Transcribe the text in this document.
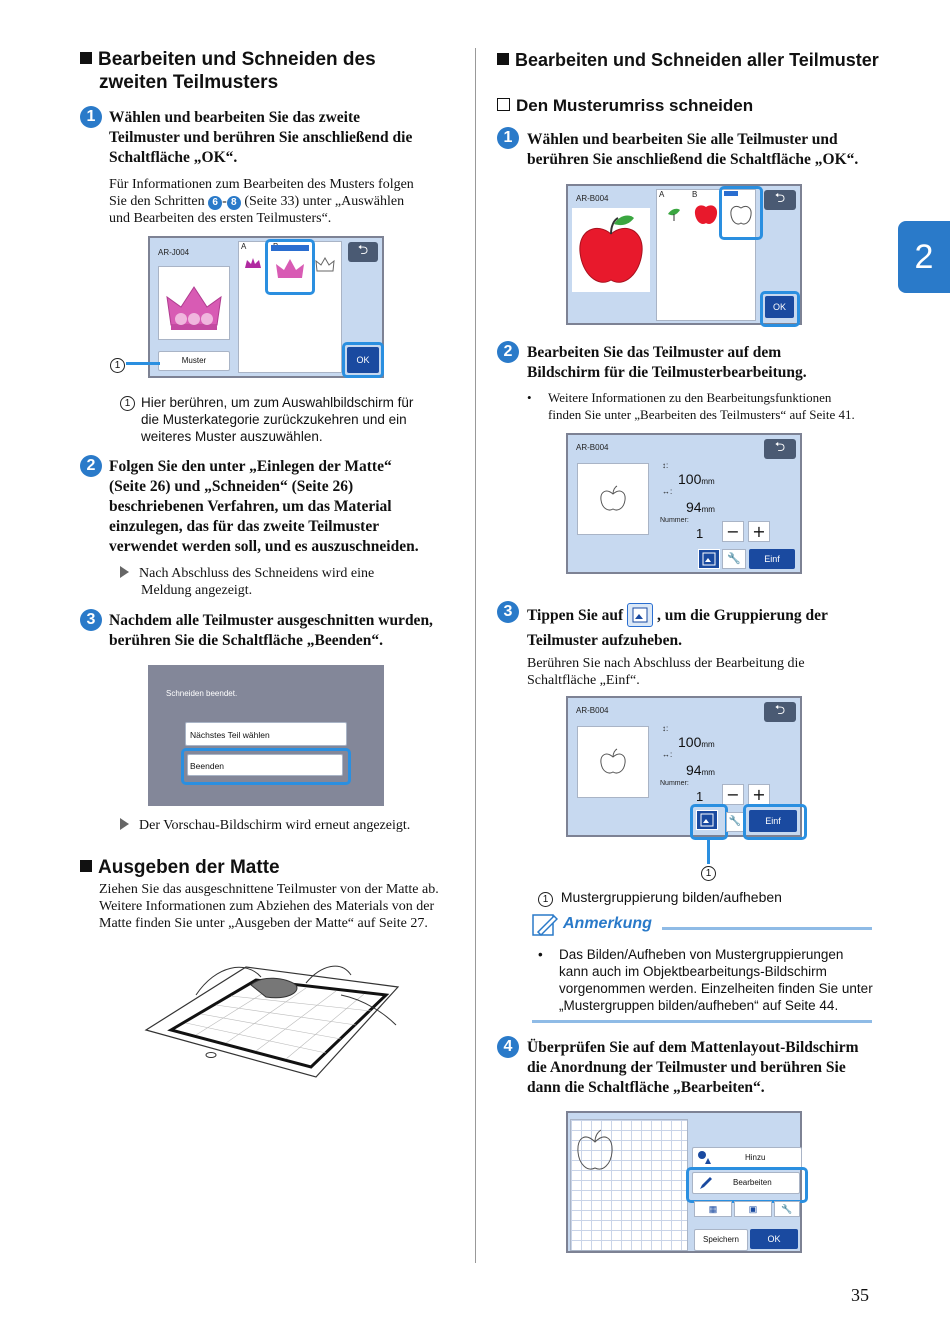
Bearbeiten und Schneiden des
zweiten Teilmusters
1 Wählen und bearbeiten Sie das zweite
Teilmuster und berühren Sie anschließend die
Schaltfläche „OK“.
Für Informationen zum Bearbeiten des Musters folgen
Sie den Schritten 6 - 8 (Seite 33) unter „Auswählen
und Bearbeiten des ersten Teilmusters“.
AR-J004
A	⮌
Muster	OK
1
1 Hier berühren, um zum Auswahlbildschirm für
die Musterkategorie zurückzukehren und ein
weiteres Muster auszuwählen.
2 Folgen Sie den unter „Einlegen der Matte“
(Seite 26) und „Schneiden“ (Seite 26)
beschriebenen Verfahren, um das Material
einzulegen, das für das zweite Teilmuster
verwendet werden soll, und es auszuschneiden.
Nach Abschluss des Schneidens wird eine
Meldung angezeigt.
3 Nachdem alle Teilmuster ausgeschnitten wurden,
berühren Sie die Schaltfläche „Beenden“.
Schneiden beendet.
Nächstes Teil wählen
Beenden
Der Vorschau-Bildschirm wird erneut angezeigt.
Ausgeben der Matte
Ziehen Sie das ausgeschnittene Teilmuster von der Matte ab.
Weitere Informationen zum Abziehen des Materials von der
Matte finden Sie unter „Ausgeben der Matte“ auf Seite 27.
Bearbeiten und Schneiden aller Teilmuster
Den Musterumriss schneiden
1 Wählen und bearbeiten Sie alle Teilmuster und
berühren Sie anschließend die Schaltfläche „OK“.
AR-B004	A	B	⮌
OK
2 Bearbeiten Sie das Teilmuster auf dem
Bildschirm für die Teilmusterbearbeitung.
• Weitere Informationen zu den Bearbeitungsfunktionen
finden Sie unter „Bearbeiten des Teilmusters“ auf Seite 41.
AR-B004	⮌
↕:
100mm
↔:
94mm
Nummer:
1 − +
🔧	Einf
3 Tippen Sie auf , um die Gruppierung der
Teilmuster aufzuheben.
Berühren Sie nach Abschluss der Bearbeitung die
Schaltfläche „Einf“.
AR-B004	⮌
↕:
100mm
↔:
94mm
Nummer:
1 − +
🔧	Einf
1
1 Mustergruppierung bilden/aufheben
Anmerkung
• Das Bilden/Aufheben von Mustergruppierungen
kann auch im Objektbearbeitungs-Bildschirm
vorgenommen werden. Einzelheiten finden Sie unter
„Mustergruppen bilden/aufheben“ auf Seite 44.
4 Überprüfen Sie auf dem Mattenlayout-Bildschirm
die Anordnung der Teilmuster und berühren Sie
dann die Schaltfläche „Bearbeiten“.
Hinzu
Bearbeiten
▦	▣	🔧
Speichern	OK
2
35
